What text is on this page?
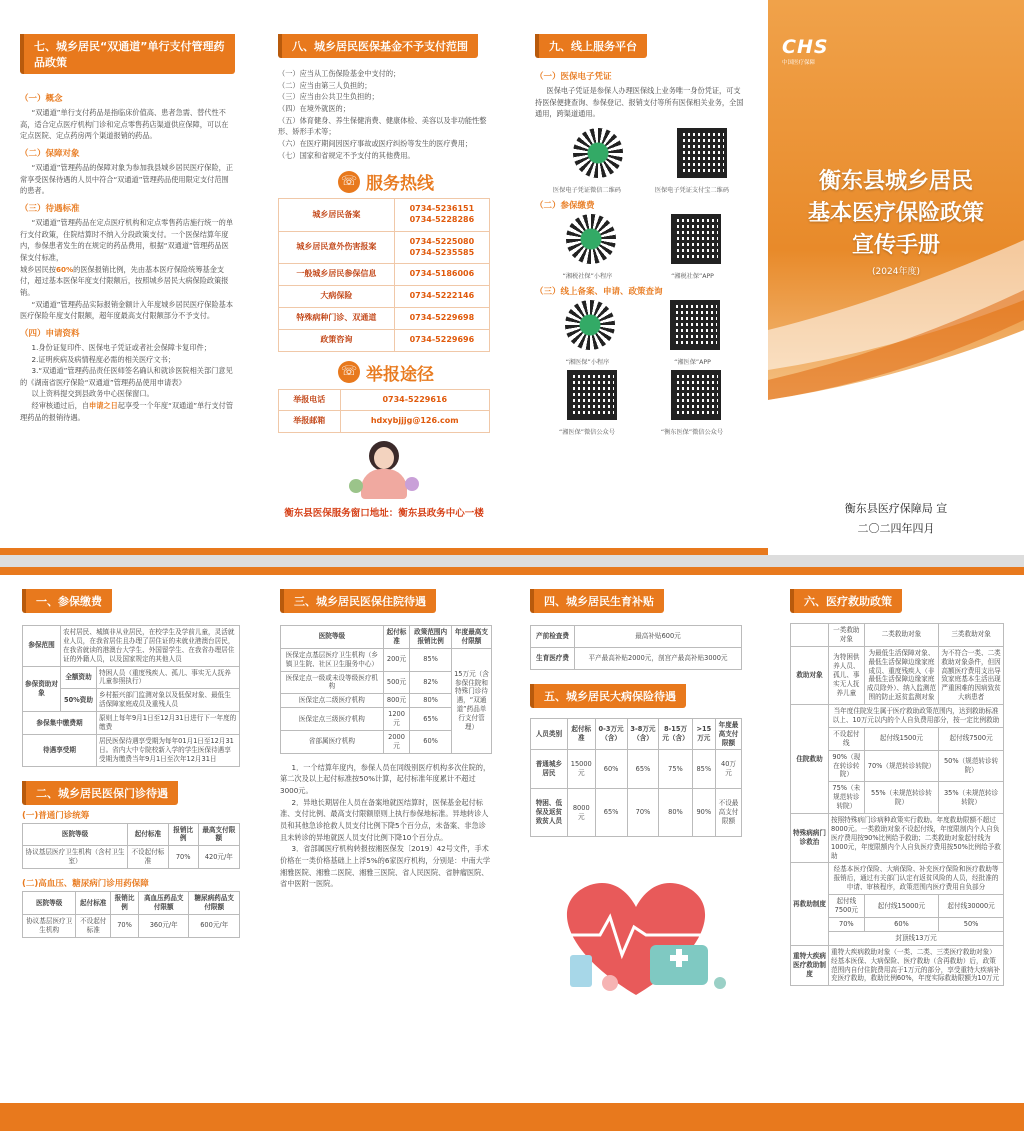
七、城乡居民“双通道”单行支付管理药品政策
（一）概念
“双通道”单行支付药品是指临床价值高、患者急需、替代性不高，适合定点医疗机构门诊和定点零售药店渠道供应保障，可以在定点医院、定点药房两个渠道报销的药品。
（二）保障对象
“双通道”管理药品的保障对象为参加我县城乡居民医疗保险，正常享受医保待遇的人员中符合“双通道”管理药品使用限定支付范围的患者。
（三）待遇标准
“双通道”管理药品在定点医疗机构和定点零售药店施行统一的单行支付政策，住院结算时不纳入分段政策支付。一个医保结算年度内，参保患者发生的在规定的药品费用，根据“双通道”管理药品医保支付标准，
城乡居民按60%的医保报销比例，先由基本医疗保险统筹基金支付，超过基本医保年度支付限额后，按照城乡居民大病保险政策报销。
“双通道”管理药品实际报销金额计入年度城乡居民医疗保险基本医疗保险年度支付限额，超年度最高支付限额部分不予支付。
（四）申请资料
1.身份证复印件、医保电子凭证或者社会保障卡复印件；
2.证明疾病及病情程度必需的相关医疗文书；
3.“双通道”管理药品责任医师签名确认和就诊医院相关部门意见的《湖南省医疗保险“双通道”管理药品使用申请表》
以上资料提交到县政务中心医保窗口。
经审核通过后，自申请之日起享受一个年度“双通道”单行支付管理药品的报销待遇。
八、城乡居民医保基金不予支付范围
（一）应当从工伤保险基金中支付的；
（二）应当由第三人负担的；
（三）应当由公共卫生负担的；
（四）在境外就医的；
（五）体育健身、养生保健消费、健康体检、美容以及非功能性整形、矫形手术等；
（六）在医疗期间因医疗事故或医疗纠纷等发生的医疗费用；
（七）国家和省规定不予支付的其他费用。
☏ 服务热线
城乡居民备案	0734-5236151
0734-5228286
城乡居民意外伤害报案	0734-5225080
0734-5235585
一般城乡居民参保信息	0734-5186006
大病保险	0734-5222146
特殊病种门诊、双通道	0734-5229698
政策咨询	0734-5229696
☏ 举报途径
举报电话	0734-5229616
举报邮箱	hdxybjjjg@126.com
衡东县医保服务窗口地址：衡东县政务中心一楼
九、线上服务平台
（一）医保电子凭证
医保电子凭证是参保人办理医保线上业务唯一身份凭证，可支持医保便捷查询、参保登记、报销支付等所有医保相关业务，全国通用，跨渠道通用。
医保电子凭证微信二维码	医保电子凭证支付宝二维码
（二）参保缴费
“湘税社保”小程序	“湘税社保”APP
（三）线上备案、申请、政策查询
“湘医保”小程序	“湘医保”APP
“湘医保”微信公众号	“衡东医保”微信公众号
CHS
中国医疗保障
衡东县城乡居民
基本医疗保险政策
宣传手册
(2024年度)
衡东县医疗保障局 宣
二〇二四年四月
一、参保缴费
参保范围	农村居民、城镇非从业居民，在校学生及学前儿童，灵活就业人员，在我省居住且办理了居住证的未就业港澳台居民，在我省就读的港澳台大学生、外国留学生、在我省办理居住证的外籍人员，以及国家规定的其他人员	
参保资助对象	全额资助	特困人员（重度残疾人、孤儿、事实无人抚养儿童参照执行）
	50%资助	乡村振兴部门监测对象以及低保对象、最低生活保障家庭成员及重残人员
参保集中缴费期		原则上每年9月1日至12月31日进行下一年度的缴费
待遇享受期		居民医保待遇享受期为每年01月1日至12月31日。省内大中专院校新入学的学生医保待遇享受期为缴费当年9月1日至次年12月31日
二、城乡居民医保门诊待遇
(一)普通门诊统筹
医院等级	起付标准	报销比例	最高支付限额
协议基层医疗卫生机构（含村卫生室）	不设起付标准	70%	420元/年
(二)高血压、糖尿病门诊用药保障
医院等级	起付标准	报销比例	高血压药品支付限额	糖尿病药品支付限额
协议基层医疗卫生机构	不设起付标准	70%	360元/年	600元/年
三、城乡居民医保住院待遇
医院等级	起付标准	政策范围内报销比例	年度最高支付限额
医保定点基层医疗卫生机构（乡镇卫生院、社区卫生服务中心）	200元	85%	15万元（含参保住院和特殊门诊待遇，“双通道”药品单行支付管理）
医保定点一级或未设等级医疗机构	500元	82%	
医保定点二级医疗机构	800元	80%	
医保定点三级医疗机构	1200元	65%	
省部属医疗机构	2000元	60%	
1．一个结算年度内，参保人员在同级别医疗机构多次住院的，第二次及以上起付标准按50%计算，起付标准年度累计不超过3000元。
2．异地长期居住人员在备案地就医结算时，医保基金起付标准、支付比例、最高支付限额原则上执行参保地标准。异地转诊人员和其他急诊抢救人员支付比例下降5个百分点，未备案、非急诊且未转诊的异地就医人员支付比例下降10个百分点。
3．省部属医疗机构转报按湘医保发〔2019〕42号文件，手术价格在一类价格基础上上浮5%的6家医疗机构，分别是：中南大学湘雅医院、湘雅二医院、湘雅三医院、省人民医院、省肿瘤医院、省中医附一医院。
四、城乡居民生育补贴
产前检查费	最高补贴600元
生育医疗费	平产最高补贴2000元，剖宫产最高补贴3000元
五、城乡居民大病保险待遇
人员类别	起付标准	0-3万元（含）	3-8万元（含）	8-15万元（含）	>15万元	年度最高支付限额
普通城乡居民	15000元	60%	65%	75%	85%	40万元
特困、低保及返贫致贫人员	8000元	65%	70%	80%	90%	不设最高支付限额
六、医疗救助政策
	一类救助对象	二类救助对象	三类救助对象
救助对象	为特困供养人员、孤儿、事实无人抚养儿童	为最低生活保障对象、最低生活保障边缘家庭成员、重度残疾人（非最低生活保障边缘家庭成员除外）、纳入监测范围的防止返贫监测对象	为不符合一类、二类救助对象条件，但因高额医疗费用支出导致家庭基本生活出现严重困难的因病致贫大病患者
住院救助	当年度住院发生属于医疗救助政策范围内，达到救助标准以上、10万元以内的个人自负费用部分，按一定比例救助		
	不设起付线	起付线1500元	起付线7500元
	90%（现在转诊转院）	70%（规范转诊转院）	50%（规范转诊转院）
	75%（未规范转诊转院）	55%（未规范转诊转院）	35%（未规范转诊转院）
特殊病病门诊救治	按照特殊病门诊病种政策实行救助。年度救助限额不超过8000元。一类救助对象不设起付线，年度限制内个人自负医疗费用按90%比例给予救助；二类救助对象起付线为1000元，年度限额内个人自负医疗费用按50%比例给予救助		
再救助制度	经基本医疗保险、大病保险、补充医疗保险和医疗救助等报销后，通过有关部门认定有返贫风险的人员，经批准的申请、审核程序，政策范围内医疗费用自负部分		
	起付线7500元	起付线15000元	起付线30000元
	70%	60%	50%
	封顶线13万元		
重特大疾病医疗救助制度	重特大疾病救助对象（一类、二类、三类医疗救助对象）经基本医保、大病保险、医疗救助（含再救助）后，政策范围内自付住院费用高于1万元的部分，享受重特大疾病补充医疗救助，救助比例60%，年度实际救助限额为10万元		
